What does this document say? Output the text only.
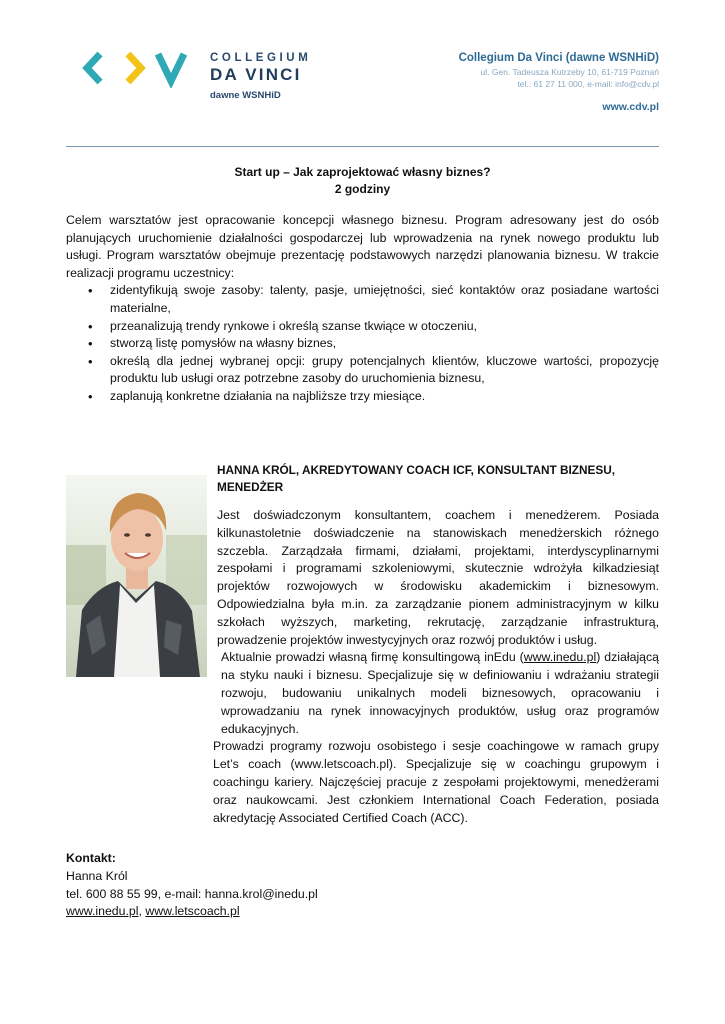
COLLEGIUM
DA VINCI
dawne WSNHiD
Collegium Da Vinci (dawne WSNHiD)
ul. Gen. Tadeusza Kutrzeby 10, 61-719 Poznań
tel.: 61 27 11 000, e-mail: info@cdv.pl
www.cdv.pl
Start up – Jak zaprojektować własny biznes?
2 godziny

Celem warsztatów jest opracowanie koncepcji własnego biznesu. Program adresowany jest do osób planujących uruchomienie działalności gospodarczej lub wprowadzenia na rynek nowego produktu lub usługi. Program warsztatów obejmuje prezentację podstawowych narzędzi planowania biznesu. W trakcie realizacji programu uczestnicy:

• zidentyfikują swoje zasoby: talenty, pasje, umiejętności, sieć kontaktów oraz posiadane wartości materialne,
• przeanalizują trendy rynkowe i określą szanse tkwiące w otoczeniu,
• stworzą listę pomysłów na własny biznes,
• określą dla jednej wybranej opcji: grupy potencjalnych klientów, kluczowe wartości, propozycję produktu lub usługi oraz potrzebne zasoby do uruchomienia biznesu,
• zaplanują konkretne działania na najbliższe trzy miesiące.
HANNA KRÓL, AKREDYTOWANY COACH ICF, KONSULTANT BIZNESU, MENEDŻER

Jest doświadczonym konsultantem, coachem i menedżerem. Posiada kilkunastoletnie doświadczenie na stanowiskach menedżerskich różnego szczebla. Zarządzała firmami, działami, projektami, interdyscyplinarnymi zespołami i programami szkoleniowymi, skutecznie wdrożyła kilkadziesiąt projektów rozwojowych w środowisku akademickim i biznesowym. Odpowiedzialna była m.in. za zarządzanie pionem administracyjnym w kilku szkołach wyższych, marketing, rekrutację, zarządzanie infrastrukturą, prowadzenie projektów inwestycyjnych oraz rozwój produktów i usług.

Aktualnie prowadzi własną firmę konsultingową inEdu (www.inedu.pl) działającą na styku nauki i biznesu. Specjalizuje się w definiowaniu i wdrażaniu strategii rozwoju, budowaniu unikalnych modeli biznesowych, opracowaniu i wprowadzaniu na rynek innowacyjnych produktów, usług oraz programów edukacyjnych.

Prowadzi programy rozwoju osobistego i sesje coachingowe w ramach grupy Let’s coach (www.letscoach.pl). Specjalizuje się w coachingu grupowym i coachingu kariery. Najczęściej pracuje z zespołami projektowymi, menedżerami oraz naukowcami. Jest członkiem International Coach Federation, posiada akredytację Associated Certified Coach (ACC).

Kontakt:
Hanna Król
tel. 600 88 55 99, e-mail: hanna.krol@inedu.pl
www.inedu.pl, www.letscoach.pl
